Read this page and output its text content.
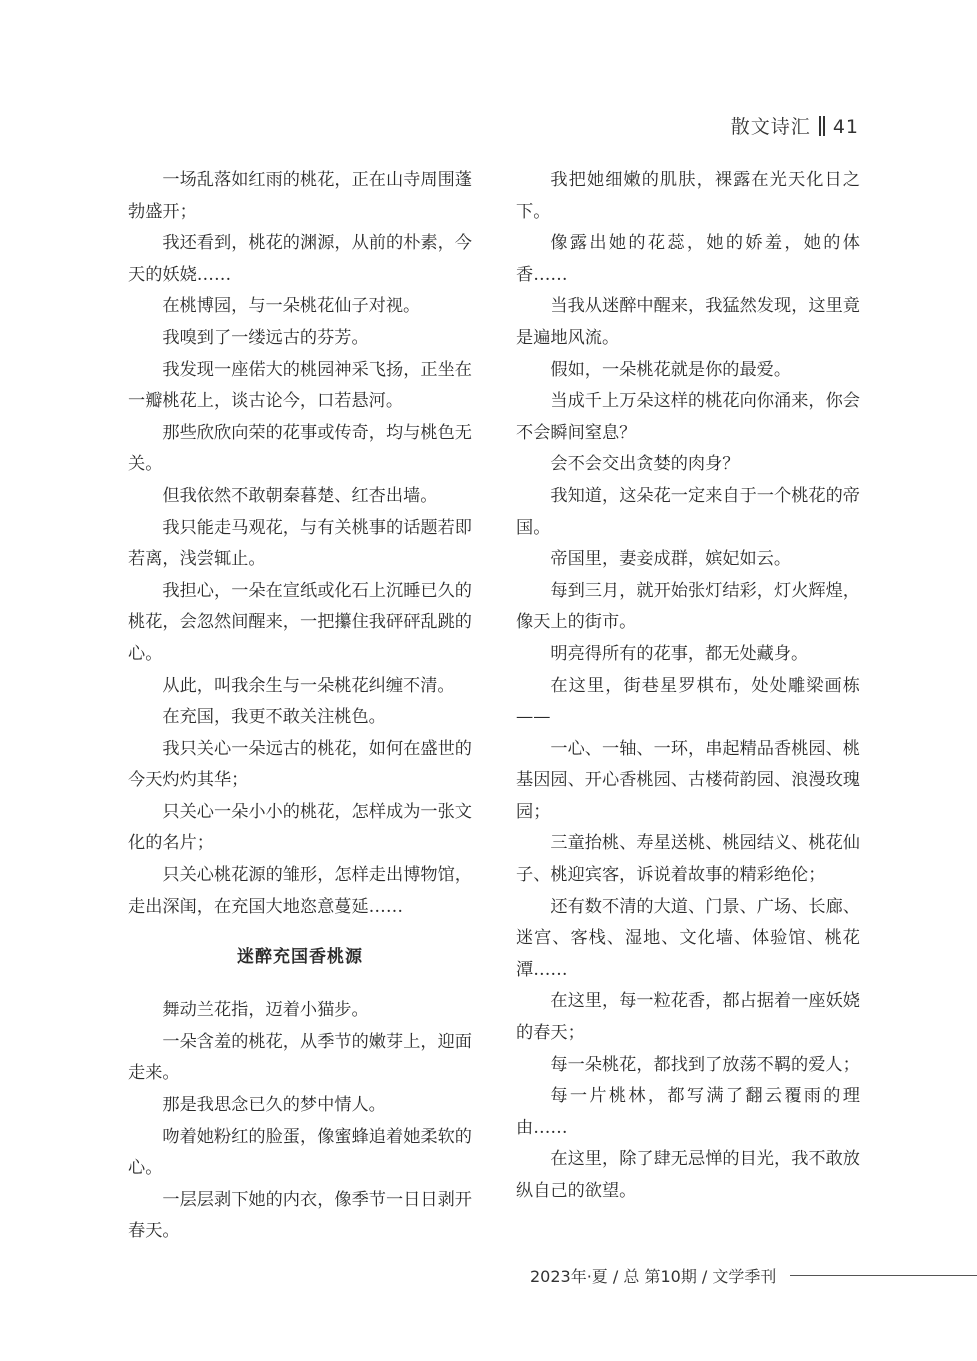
散文诗汇 41

一场乱落如红雨的桃花，正在山寺周围蓬勃盛开；

我还看到，桃花的渊源，从前的朴素，今天的妖娆……

在桃博园，与一朵桃花仙子对视。

我嗅到了一缕远古的芬芳。

我发现一座偌大的桃园神采飞扬，正坐在一瓣桃花上，谈古论今，口若悬河。

那些欣欣向荣的花事或传奇，均与桃色无关。

但我依然不敢朝秦暮楚、红杏出墙。

我只能走马观花，与有关桃事的话题若即若离，浅尝辄止。

我担心，一朵在宣纸或化石上沉睡已久的桃花，会忽然间醒来，一把攥住我砰砰乱跳的心。

从此，叫我余生与一朵桃花纠缠不清。

在充国，我更不敢关注桃色。

我只关心一朵远古的桃花，如何在盛世的今天灼灼其华；

只关心一朵小小的桃花，怎样成为一张文化的名片；

只关心桃花源的雏形，怎样走出博物馆，走出深闺，在充国大地恣意蔓延……

迷醉充国香桃源

舞动兰花指，迈着小猫步。

一朵含羞的桃花，从季节的嫩芽上，迎面走来。

那是我思念已久的梦中情人。

吻着她粉红的脸蛋，像蜜蜂追着她柔软的心。

一层层剥下她的内衣，像季节一日日剥开春天。

我把她细嫩的肌肤，裸露在光天化日之下。

像露出她的花蕊，她的娇羞，她的体香……

当我从迷醉中醒来，我猛然发现，这里竟是遍地风流。

假如，一朵桃花就是你的最爱。

当成千上万朵这样的桃花向你涌来，你会不会瞬间窒息？

会不会交出贪婪的肉身？

我知道，这朵花一定来自于一个桃花的帝国。

帝国里，妻妾成群，嫔妃如云。

每到三月，就开始张灯结彩，灯火辉煌，像天上的街市。

明亮得所有的花事，都无处藏身。

在这里，街巷星罗棋布，处处雕梁画栋——

一心、一轴、一环，串起精品香桃园、桃基因园、开心香桃园、古楼荷韵园、浪漫玫瑰园；

三童抬桃、寿星送桃、桃园结义、桃花仙子、桃迎宾客，诉说着故事的精彩绝伦；

还有数不清的大道、门景、广场、长廊、迷宫、客栈、湿地、文化墙、体验馆、桃花潭……

在这里，每一粒花香，都占据着一座妖娆的春天；

每一朵桃花，都找到了放荡不羁的爱人；

每一片桃林，都写满了翻云覆雨的理由……

在这里，除了肆无忌惮的目光，我不敢放纵自己的欲望。

2023年·夏 / 总 第10期 / 文学季刊
